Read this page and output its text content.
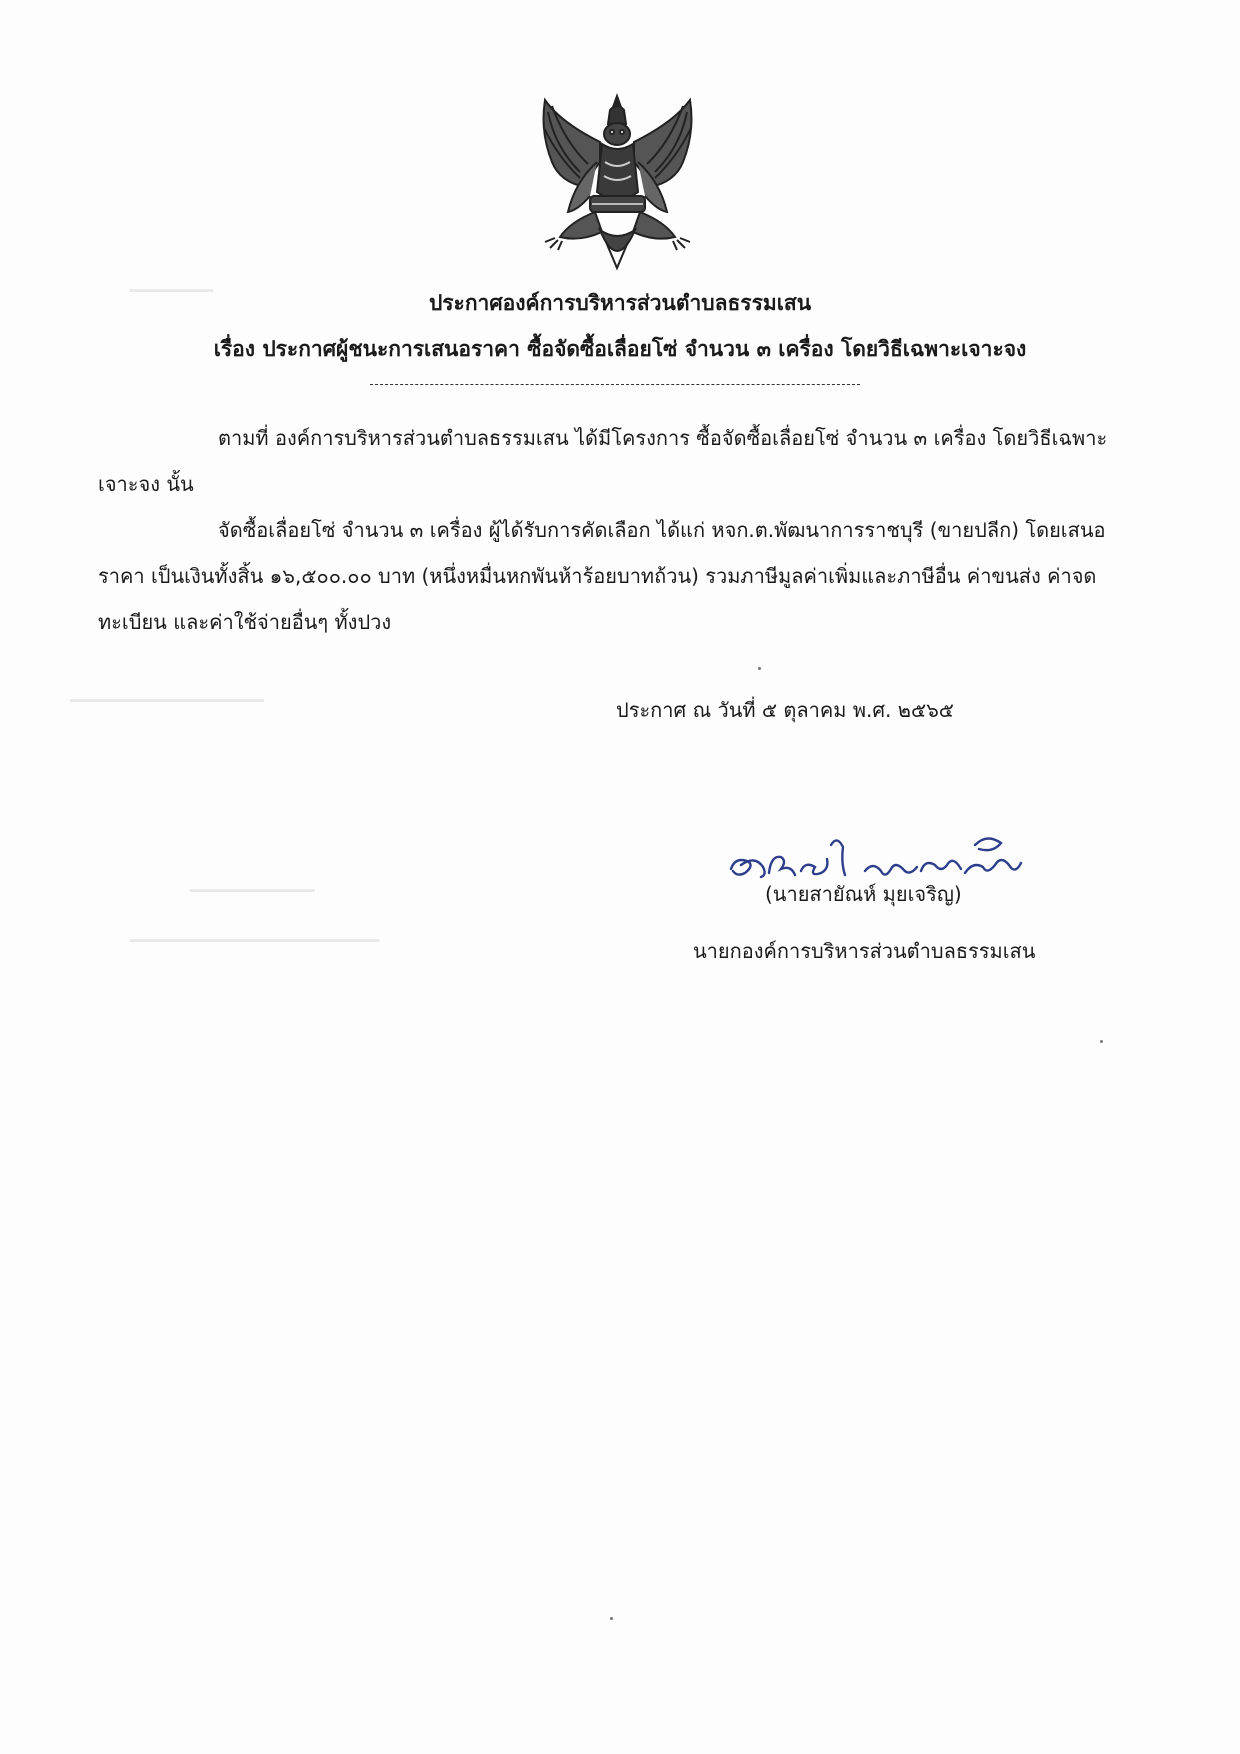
▔▔▔▔▔▔
▔▔▔▔▔▔▔▔▔▔▔▔▔▔
▔▔▔▔▔▔▔▔▔
▔▔▔▔▔▔▔▔▔▔▔▔▔▔▔▔▔▔
ประกาศองค์การบริหารส่วนตำบลธรรมเสน
เรื่อง ประกาศผู้ชนะการเสนอราคา ซื้อจัดซื้อเลื่อยโซ่ จำนวน ๓ เครื่อง โดยวิธีเฉพาะเจาะจง
ตามที่ องค์การบริหารส่วนตำบลธรรมเสน ได้มีโครงการ ซื้อจัดซื้อเลื่อยโซ่ จำนวน ๓ เครื่อง โดยวิธีเฉพาะเจาะจง นั้น
จัดซื้อเลื่อยโซ่ จำนวน ๓ เครื่อง ผู้ได้รับการคัดเลือก ได้แก่ หจก.ต.พัฒนาการราชบุรี (ขายปลีก) โดยเสนอราคา เป็นเงินทั้งสิ้น ๑๖,๕๐๐.๐๐ บาท (หนึ่งหมื่นหกพันห้าร้อยบาทถ้วน) รวมภาษีมูลค่าเพิ่มและภาษีอื่น ค่าขนส่ง ค่าจดทะเบียน และค่าใช้จ่ายอื่นๆ ทั้งปวง
ประกาศ ณ วันที่ ๕ ตุลาคม พ.ศ. ๒๕๖๕
(นายสายัณห์ มุยเจริญ)
นายกองค์การบริหารส่วนตำบลธรรมเสน
